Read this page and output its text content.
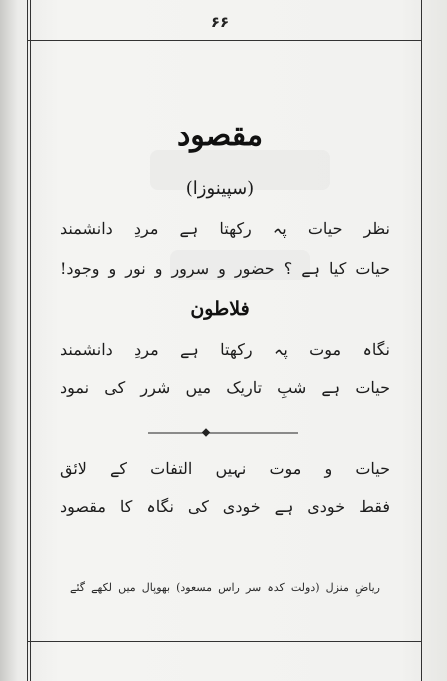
۶۶
مقصود
(سپینوزا)
نظر حیات پہ رکھتا ہے مردِ دانشمند
حیات کیا ہے ؟ حضور و سرور و نور و وجود!
فلاطون
نگاہ موت پہ رکھتا ہے مردِ دانشمند
حیات ہے شبِ تاریک میں شرر کی نمود
حیات و موت نہیں التفات کے لائق
فقط خودی ہے خودی کی نگاہ کا مقصود
ریاضِ منزل (دولت کدہ سر راس مسعود) بھوپال میں لکھے گئے
